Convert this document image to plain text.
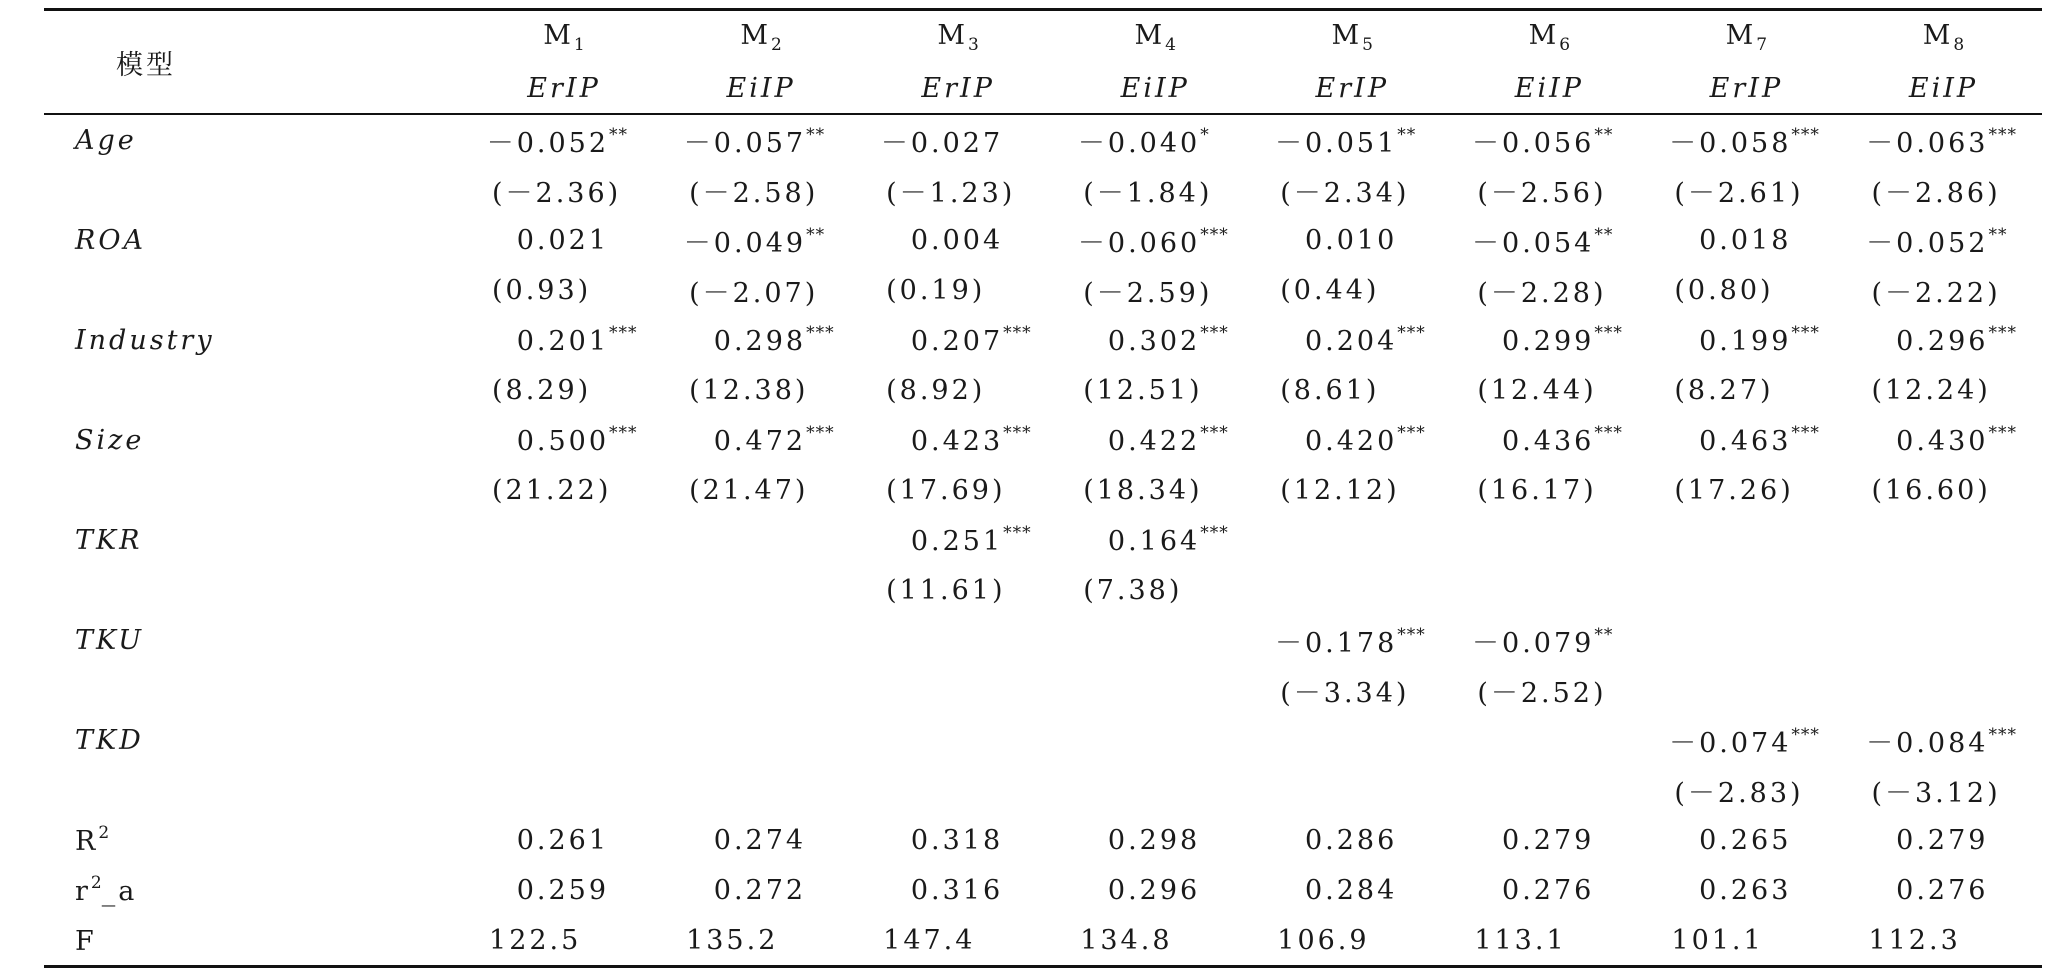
模型	$M_1$	$M_2$	$M_3$	$M_4$	$M_5$	$M_6$	$M_7$	$M_8$
	ErIP	EiIP	ErIP	EiIP	ErIP	EiIP	ErIP	EiIP
Age	－0.052**	－0.057**	－0.027	－0.040*	－0.051**	－0.056**	－0.058***	－0.063***
	(－2.36)	(－2.58)	(－1.23)	(－1.84)	(－2.34)	(－2.56)	(－2.61)	(－2.86)
ROA	0.021	－0.049**	0.004	－0.060***	0.010	－0.054**	0.018	－0.052**
	(0.93)	(－2.07)	(0.19)	(－2.59)	(0.44)	(－2.28)	(0.80)	(－2.22)
Industry	0.201***	0.298***	0.207***	0.302***	0.204***	0.299***	0.199***	0.296***
	(8.29)	(12.38)	(8.92)	(12.51)	(8.61)	(12.44)	(8.27)	(12.24)
Size	0.500***	0.472***	0.423***	0.422***	0.420***	0.436***	0.463***	0.430***
	(21.22)	(21.47)	(17.69)	(18.34)	(12.12)	(16.17)	(17.26)	(16.60)
TKR			0.251***	0.164***				
			(11.61)	(7.38)				
TKU					－0.178***	－0.079**		
					(－3.34)	(－2.52)		
TKD							－0.074***	－0.084***
							(－2.83)	(－3.12)
$R^2$	0.261	0.274	0.318	0.298	0.286	0.279	0.265	0.279
$r^2\_a$	0.259	0.272	0.316	0.296	0.284	0.276	0.263	0.276
F	122.5	135.2	147.4	134.8	106.9	113.1	101.1	112.3
